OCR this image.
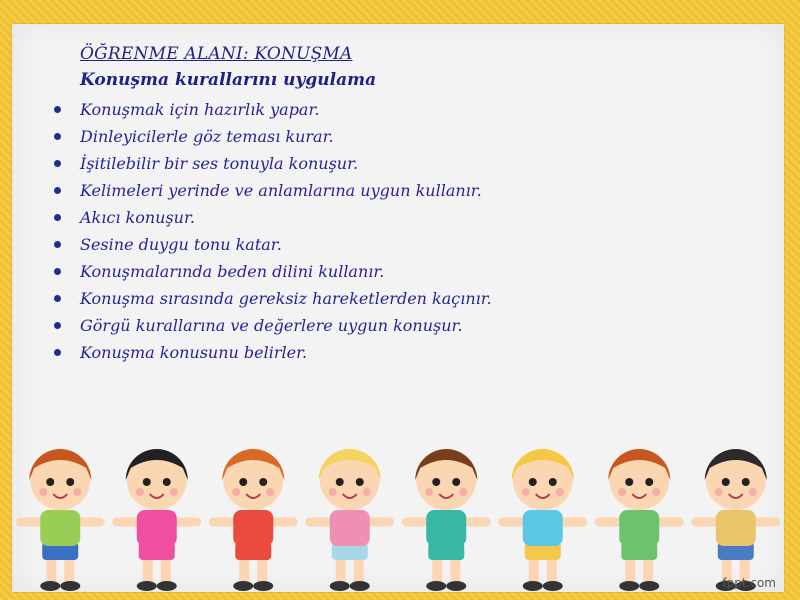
ÖĞRENME ALANI: KONUŞMA
Konuşma kurallarını uygulama
Konuşmak için hazırlık yapar.
Dinleyicilerle göz teması kurar.
İşitilebilir bir ses tonuyla konuşur.
Kelimeleri yerinde ve anlamlarına uygun kullanır.
Akıcı konuşur.
Sesine duygu tonu katar.
Konuşmalarında beden dilini kullanır.
Konuşma sırasında gereksiz hareketlerden kaçınır.
Görgü kurallarına ve değerlere uygun konuşur.
Konuşma konusunu belirler.
fppt.com
